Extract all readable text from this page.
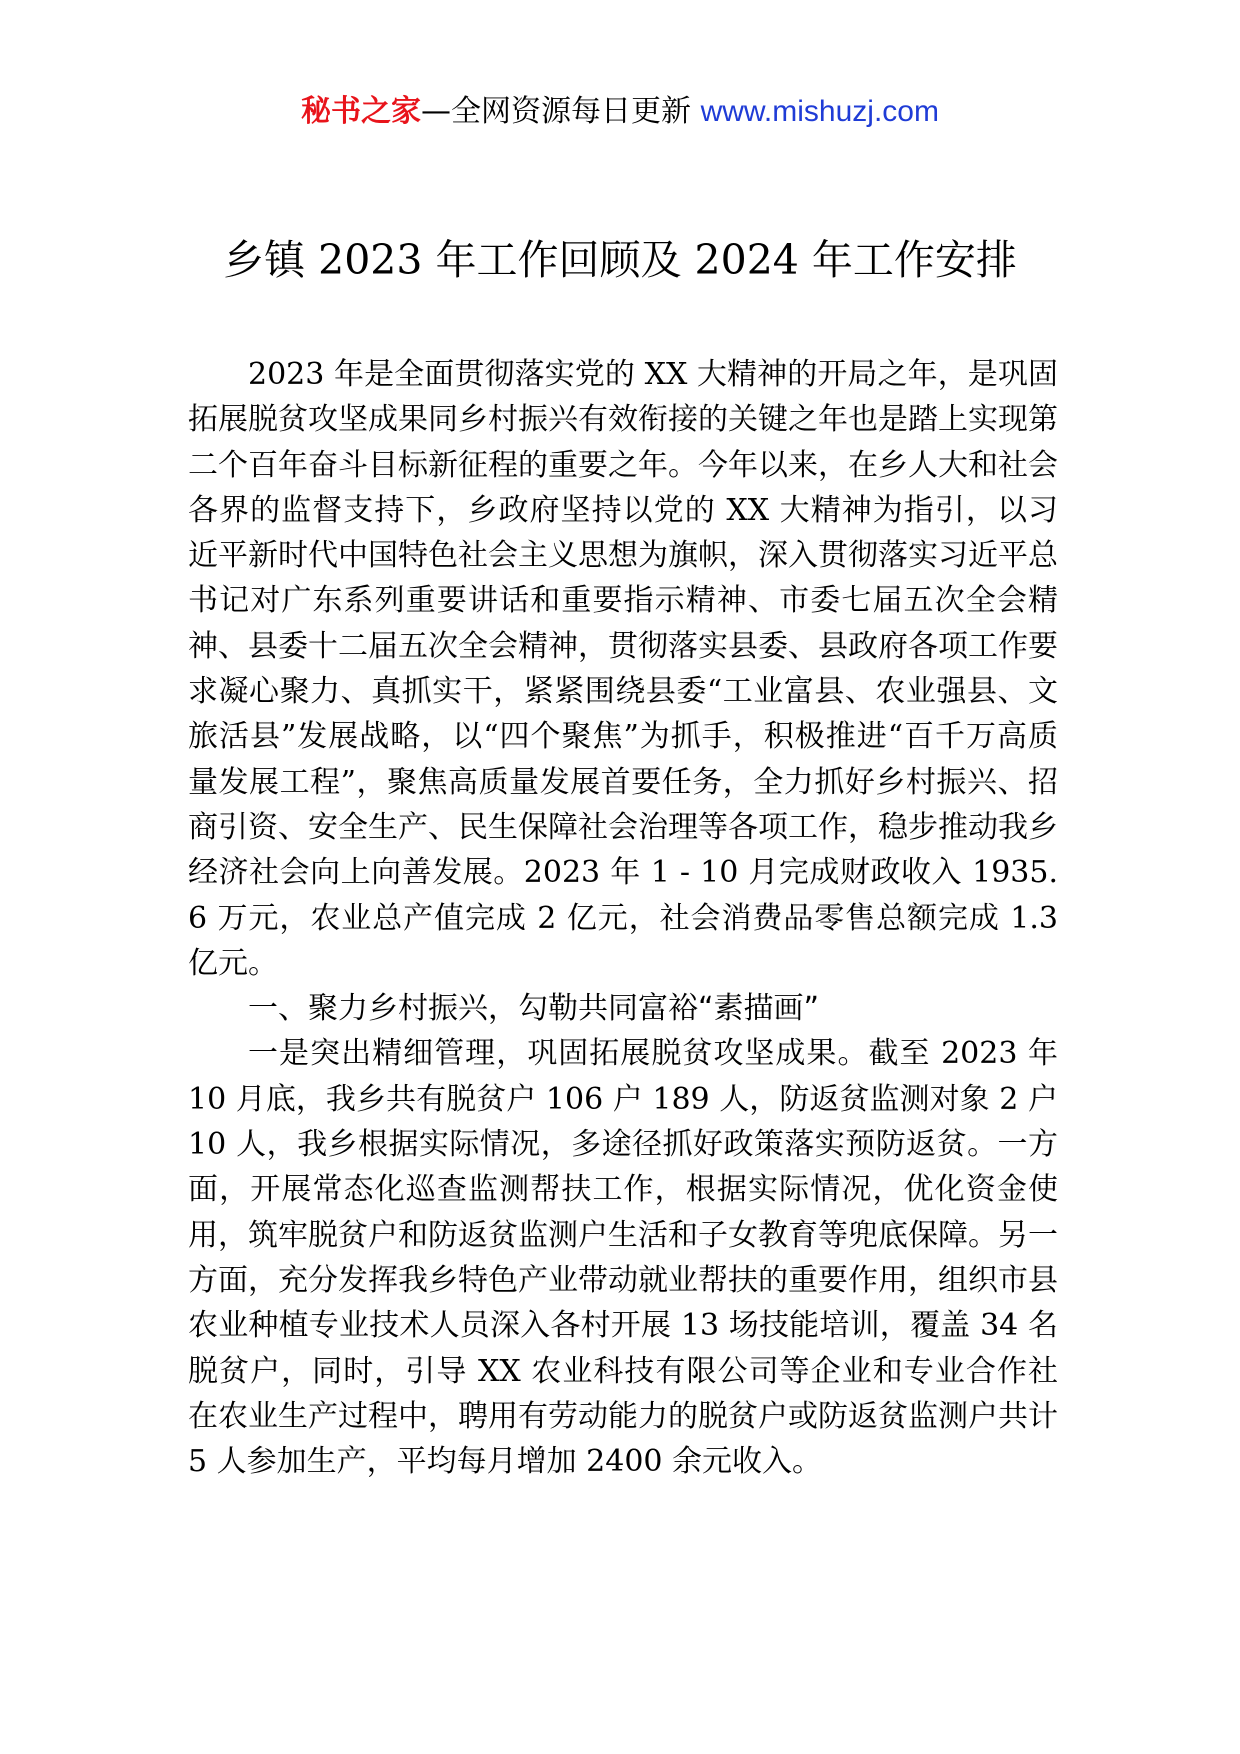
秘书之家—全网资源每日更新 www.mishuzj.com
乡镇 2023 年工作回顾及 2024 年工作安排

2023 年是全面贯彻落实党的 XX 大精神的开局之年，是巩固拓展脱贫攻坚成果同乡村振兴有效衔接的关键之年也是踏上实现第二个百年奋斗目标新征程的重要之年。今年以来，在乡人大和社会各界的监督支持下，乡政府坚持以党的 XX 大精神为指引，以习近平新时代中国特色社会主义思想为旗帜，深入贯彻落实习近平总书记对广东系列重要讲话和重要指示精神、市委七届五次全会精神、县委十二届五次全会精神，贯彻落实县委、县政府各项工作要求凝心聚力、真抓实干，紧紧围绕县委“工业富县、农业强县、文旅活县”发展战略，以“四个聚焦”为抓手，积极推进“百千万高质量发展工程”，聚焦高质量发展首要任务，全力抓好乡村振兴、招商引资、安全生产、民生保障社会治理等各项工作，稳步推动我乡经济社会向上向善发展。2023 年 1 - 10 月完成财政收入 1935.6 万元，农业总产值完成 2 亿元，社会消费品零售总额完成 1.3 亿元。

一、聚力乡村振兴，勾勒共同富裕“素描画”

一是突出精细管理，巩固拓展脱贫攻坚成果。截至 2023 年 10 月底，我乡共有脱贫户 106 户 189 人，防返贫监测对象 2 户 10 人，我乡根据实际情况，多途径抓好政策落实预防返贫。一方面，开展常态化巡查监测帮扶工作，根据实际情况，优化资金使用，筑牢脱贫户和防返贫监测户生活和子女教育等兜底保障。另一方面，充分发挥我乡特色产业带动就业帮扶的重要作用，组织市县农业种植专业技术人员深入各村开展 13 场技能培训，覆盖 34 名脱贫户，同时，引导 XX 农业科技有限公司等企业和专业合作社在农业生产过程中，聘用有劳动能力的脱贫户或防返贫监测户共计 5 人参加生产，平均每月增加 2400 余元收入。
